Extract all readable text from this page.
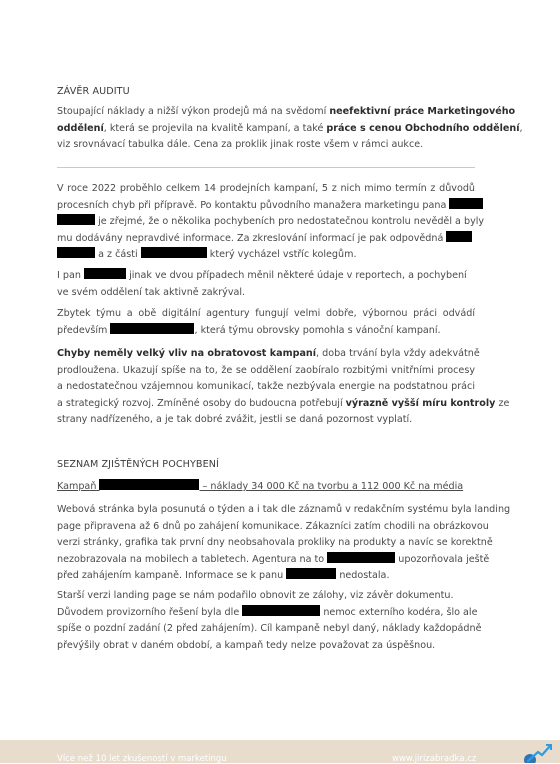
ZÁVĚR AUDITU
Stoupající náklady a nižší výkon prodejů má na svědomí neefektivní práce Marketingového
oddělení, která se projevila na kvalitě kampaní, a také práce s cenou Obchodního oddělení,
viz srovnávací tabulka dále. Cena za proklik jinak roste všem v rámci aukce.
V roce 2022 proběhlo celkem 14 prodejních kampaní, 5 z nich mimo termín z důvodů
procesních chyb při přípravě. Po kontaktu původního manažera marketingu pana
je zřejmé, že o několika pochybeních pro nedostatečnou kontrolu nevěděl a byly
mu dodávány nepravdivé informace. Za zkreslování informací je pak odpovědná
a z části	který vycházel vstříc kolegům.
I pan	jinak ve dvou případech měnil některé údaje v reportech, a pochybení
ve svém oddělení tak aktivně zakrýval.
Zbytek týmu a obě digitální agentury fungují velmi dobře, výbornou práci odvádí
především	, která týmu obrovsky pomohla s vánoční kampaní.
Chyby neměly velký vliv na obratovost kampaní, doba trvání byla vždy adekvátně
prodloužena. Ukazují spíše na to, že se oddělení zaobíralo rozbitými vnitřními procesy
a nedostatečnou vzájemnou komunikací, takže nezbývala energie na podstatnou práci
a strategický rozvoj. Zmíněné osoby do budoucna potřebují výrazně vyšší míru kontroly ze
strany nadřízeného, a je tak dobré zvážit, jestli se daná pozornost vyplatí.
SEZNAM ZJIŠTĚNÝCH POCHYBENÍ
Kampaň	– náklady 34 000 Kč na tvorbu a 112 000 Kč na média
Webová stránka byla posunutá o týden a i tak dle záznamů v redakčním systému byla landing
page připravena až 6 dnů po zahájení komunikace. Zákazníci zatím chodili na obrázkovou
verzi stránky, grafika tak první dny neobsahovala prokliky na produkty a navíc se korektně
nezobrazovala na mobilech a tabletech. Agentura na to	upozorňovala ještě
před zahájením kampaně. Informace se k panu	nedostala.
Starší verzi landing page se nám podařilo obnovit ze zálohy, viz závěr dokumentu.
Důvodem provizorního řešení byla dle	nemoc externího kodéra, šlo ale
spíše o pozdní zadání (2 před zahájením). Cíl kampaně nebyl daný, náklady každopádně
převýšily obrat v daném období, a kampaň tedy nelze považovat za úspěšnou.
Více než 10 let zkušeností v marketingu	www.jirizabradka.cz
